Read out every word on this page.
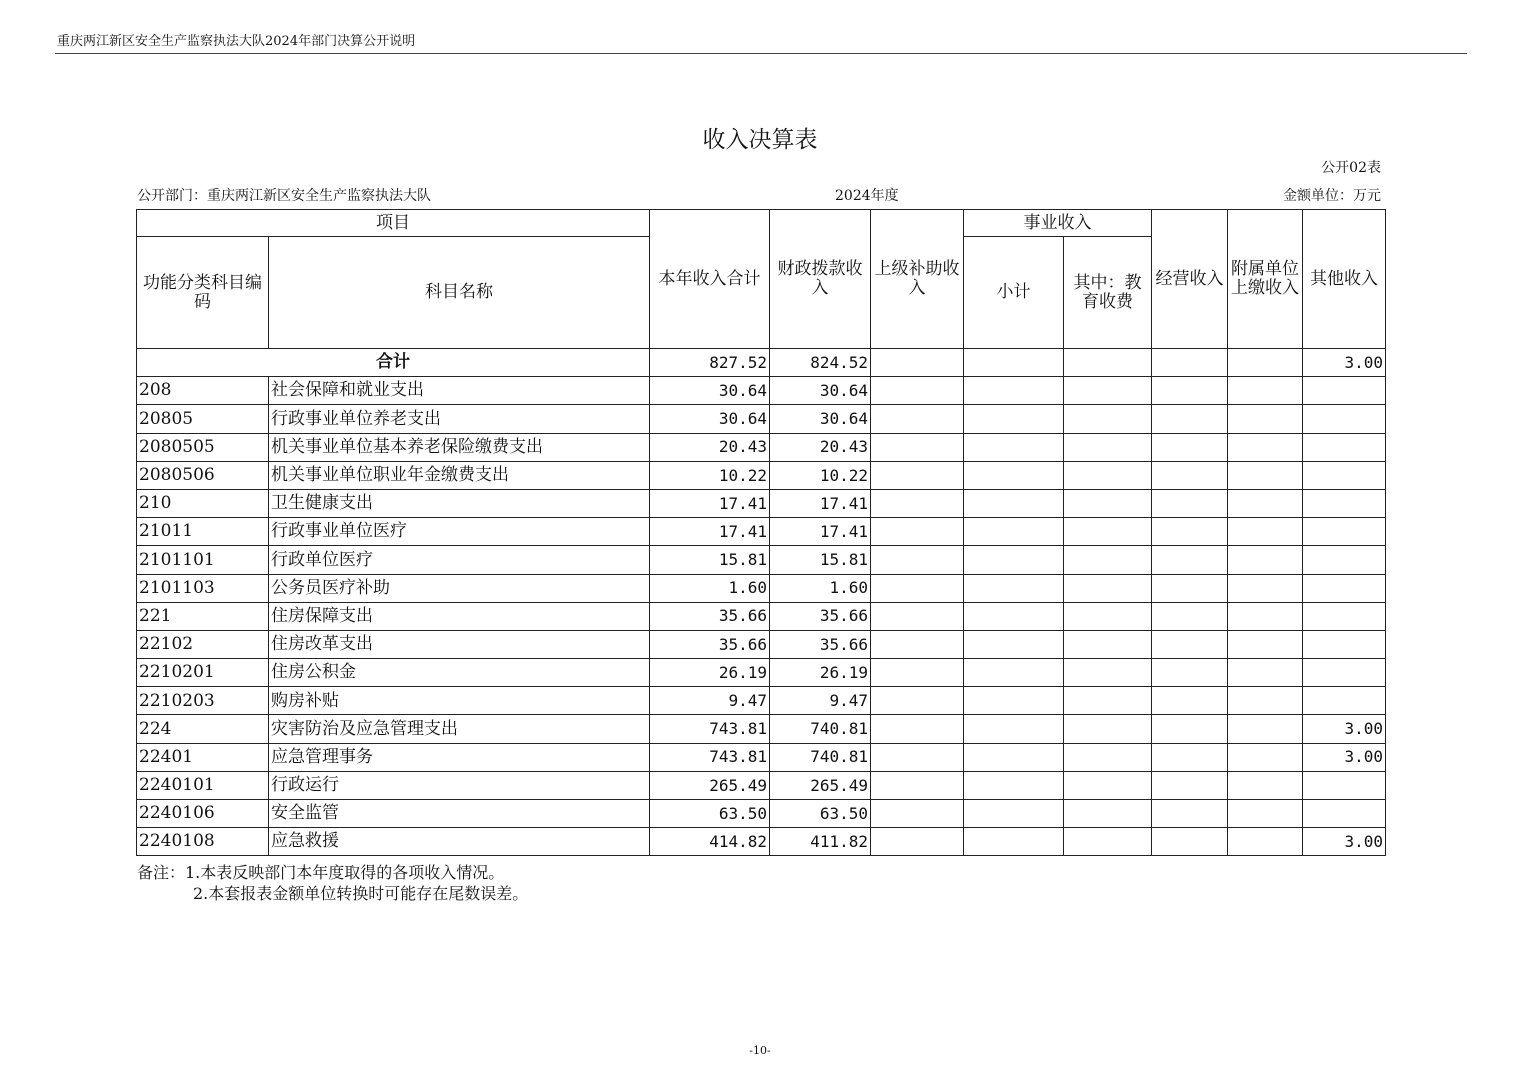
重庆两江新区安全生产监察执法大队2024年部门决算公开说明
收入决算表
公开02表
公开部门：重庆两江新区安全生产监察执法大队	2024年度	金额单位：万元
项目		本年收入合计	财政拨款收入	上级补助收入	事业收入		经营收入	附属单位上缴收入	其他收入
功能分类科目编码	科目名称				小计	其中：教育收费			
合计		827.52	824.52						3.00
208	社会保障和就业支出	30.64	30.64						
20805	行政事业单位养老支出	30.64	30.64						
2080505	机关事业单位基本养老保险缴费支出	20.43	20.43						
2080506	机关事业单位职业年金缴费支出	10.22	10.22						
210	卫生健康支出	17.41	17.41						
21011	行政事业单位医疗	17.41	17.41						
2101101	行政单位医疗	15.81	15.81						
2101103	公务员医疗补助	1.60	1.60						
221	住房保障支出	35.66	35.66						
22102	住房改革支出	35.66	35.66						
2210201	住房公积金	26.19	26.19						
2210203	购房补贴	9.47	9.47						
224	灾害防治及应急管理支出	743.81	740.81						3.00
22401	应急管理事务	743.81	740.81						3.00
2240101	行政运行	265.49	265.49						
2240106	安全监管	63.50	63.50						
2240108	应急救援	414.82	411.82						3.00
备注：1.本表反映部门本年度取得的各项收入情况。
2.本套报表金额单位转换时可能存在尾数误差。
-10-
